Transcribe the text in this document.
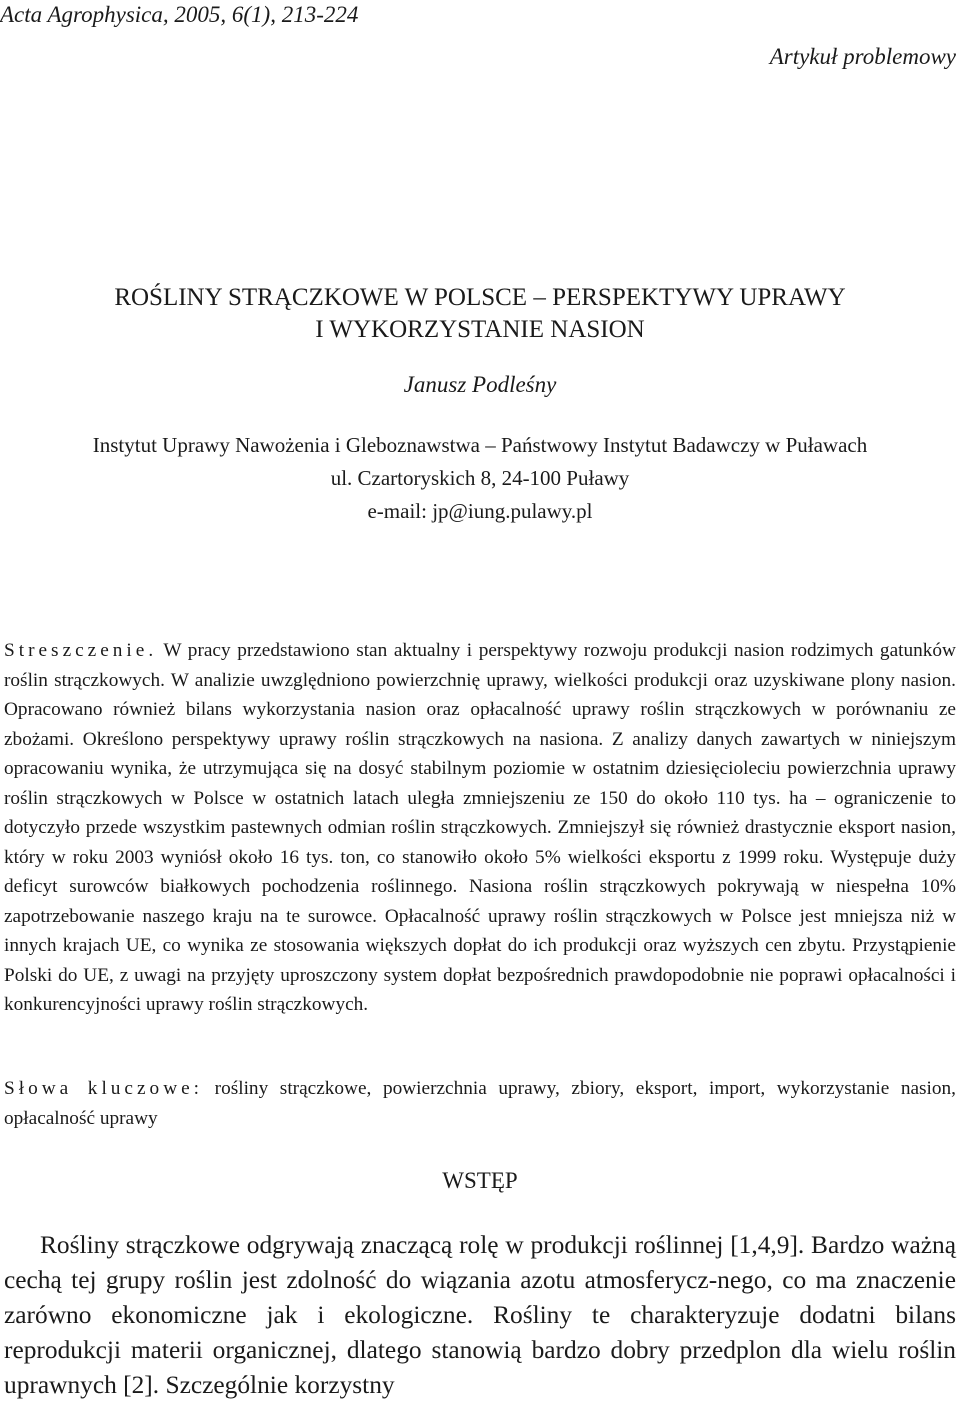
Acta Agrophysica, 2005, 6(1), 213-224
Artykuł problemowy
ROŚLINY STRĄCZKOWE W POLSCE – PERSPEKTYWY UPRAWY
I WYKORZYSTANIE NASION
Janusz Podleśny
Instytut Uprawy Nawożenia i Gleboznawstwa – Państwowy Instytut Badawczy w Puławach
ul. Czartoryskich 8, 24-100 Puławy
e-mail: jp@iung.pulawy.pl

Streszczenie. W pracy przedstawiono stan aktualny i perspektywy rozwoju produkcji nasion rodzimych gatunków roślin strączkowych. W analizie uwzględniono powierzchnię uprawy, wielkości produkcji oraz uzyskiwane plony nasion. Opracowano również bilans wykorzystania nasion oraz opłacalność uprawy roślin strączkowych w porównaniu ze zbożami. Określono perspektywy uprawy roślin strączkowych na nasiona. Z analizy danych zawartych w niniejszym opracowaniu wynika, że utrzymująca się na dosyć stabilnym poziomie w ostatnim dziesięcioleciu powierzchnia uprawy roślin strączkowych w Polsce w ostatnich latach uległa zmniejszeniu ze 150 do około 110 tys. ha – ograniczenie to dotyczyło przede wszystkim pastewnych odmian roślin strączkowych. Zmniejszył się również drastycznie eksport nasion, który w roku 2003 wyniósł około 16 tys. ton, co stanowiło około 5% wielkości eksportu z 1999 roku. Występuje duży deficyt surowców białkowych pochodzenia roślinnego. Nasiona roślin strączkowych pokrywają w niespełna 10% zapotrzebowanie naszego kraju na te surowce. Opłacalność uprawy roślin strączkowych w Polsce jest mniejsza niż w innych krajach UE, co wynika ze stosowania większych dopłat do ich produkcji oraz wyższych cen zbytu. Przystąpienie Polski do UE, z uwagi na przyjęty uproszczony system dopłat bezpośrednich prawdopodobnie nie poprawi opłacalności i konkurencyjności uprawy roślin strączkowych.

Słowa kluczowe: rośliny strączkowe, powierzchnia uprawy, zbiory, eksport, import, wykorzystanie nasion, opłacalność uprawy

WSTĘP

Rośliny strączkowe odgrywają znaczącą rolę w produkcji roślinnej [1,4,9]. Bardzo ważną cechą tej grupy roślin jest zdolność do wiązania azotu atmosferycz-nego, co ma znaczenie zarówno ekonomiczne jak i ekologiczne. Rośliny te charakteryzuje dodatni bilans reprodukcji materii organicznej, dlatego stanowią bardzo dobry przedplon dla wielu roślin uprawnych [2]. Szczególnie korzystny
